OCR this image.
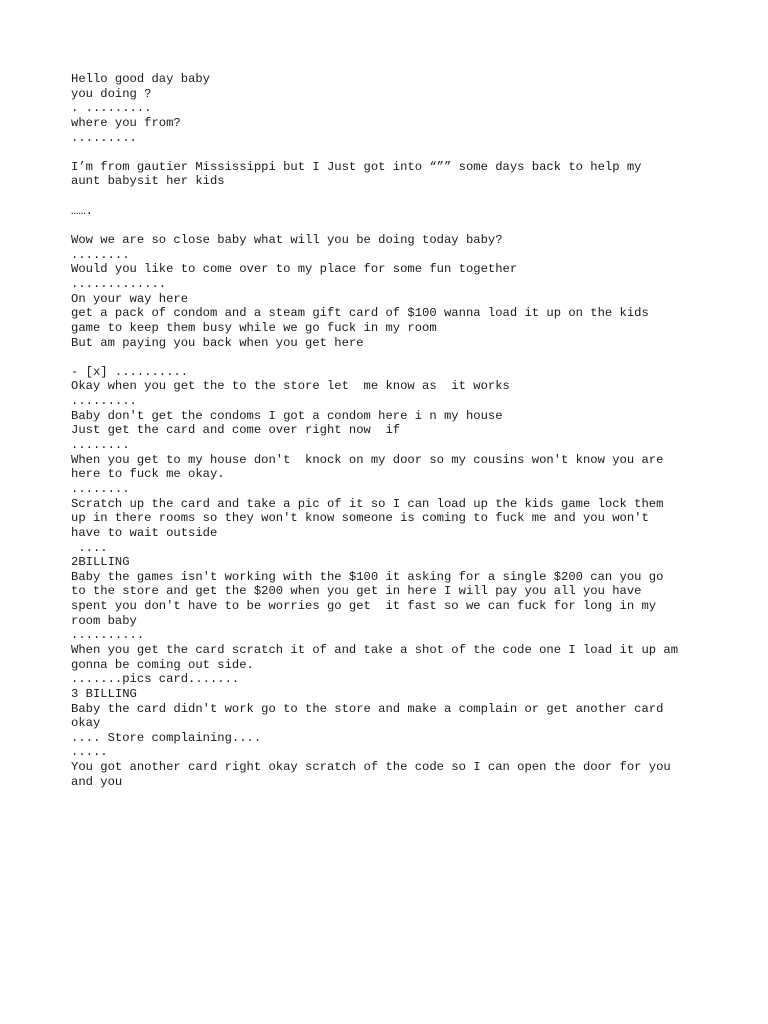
Hello good day baby
you doing ?
. .........
where you from?
.........
I’m from gautier Mississippi but I Just got into “”” some days back to help my
aunt babysit her kids
…….
Wow we are so close baby what will you be doing today baby?
........
Would you like to come over to my place for some fun together
.............
On your way here
get a pack of condom and a steam gift card of $100 wanna load it up on the kids
game to keep them busy while we go fuck in my room
But am paying you back when you get here
- [x] ..........
Okay when you get the to the store let  me know as  it works
.........
Baby don't get the condoms I got a condom here i n my house
Just get the card and come over right now  if
........
When you get to my house don't  knock on my door so my cousins won't know you are
here to fuck me okay.
........
Scratch up the card and take a pic of it so I can load up the kids game lock them
up in there rooms so they won't know someone is coming to fuck me and you won't
have to wait outside
....
2BILLING
Baby the games isn't working with the $100 it asking for a single $200 can you go
to the store and get the $200 when you get in here I will pay you all you have
spent you don't have to be worries go get  it fast so we can fuck for long in my
room baby
..........
When you get the card scratch it of and take a shot of the code one I load it up am
gonna be coming out side.
.......pics card.......
3 BILLING
Baby the card didn't work go to the store and make a complain or get another card
okay
.... Store complaining....
.....
You got another card right okay scratch of the code so I can open the door for you
and you
